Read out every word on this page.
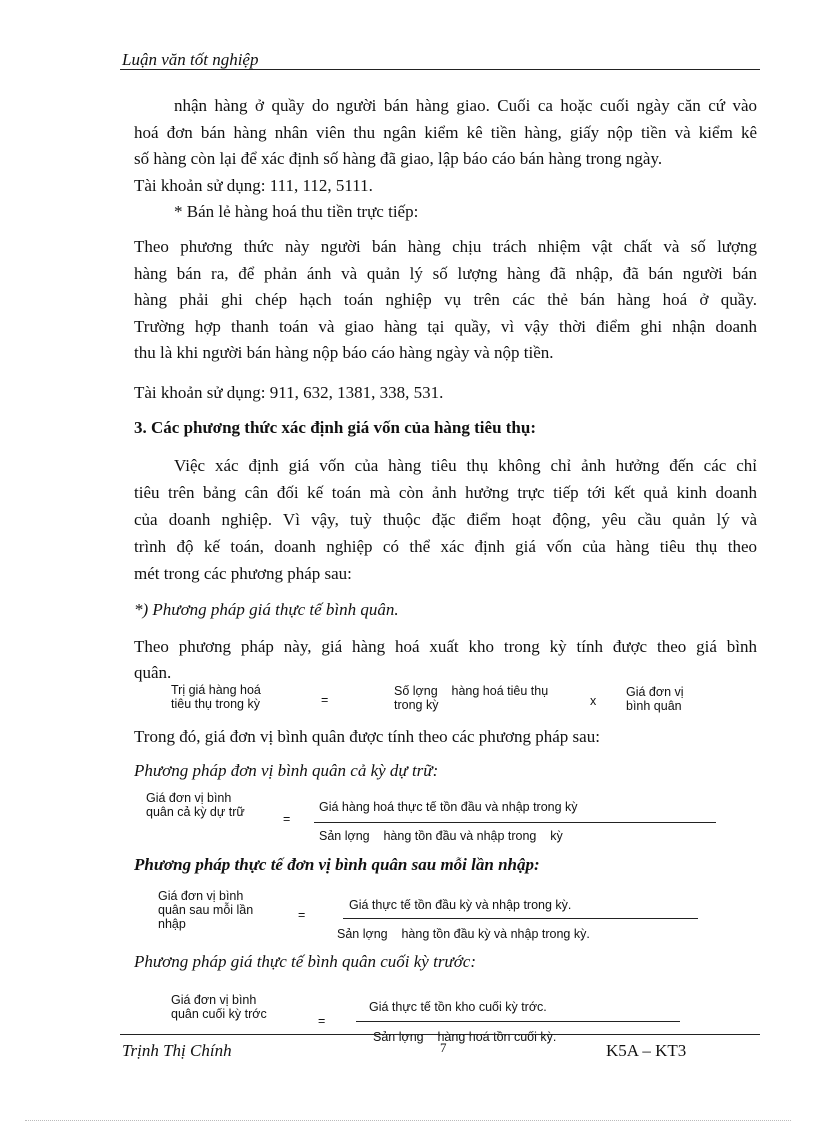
Luận văn tốt nghiệp
nhận hàng ở quầy do người bán hàng giao. Cuối ca hoặc cuối ngày căn cứ vào
hoá đơn bán hàng nhân viên thu ngân kiểm kê tiền hàng, giấy nộp tiền và kiểm kê
số hàng còn lại để xác định số hàng đã giao, lập báo cáo bán hàng trong ngày.
Tài khoản sử dụng: 111, 112, 5111.
* Bán lẻ hàng hoá thu tiền trực tiếp:
Theo phương thức này người bán hàng chịu trách nhiệm vật chất và số lượng
hàng bán ra, để phản ánh và quản lý số lượng hàng đã nhập, đã bán người bán
hàng phải ghi chép hạch toán nghiệp vụ trên các thẻ bán hàng hoá ở quầy.
Trường hợp thanh toán và giao hàng tại quầy, vì vậy thời điểm ghi nhận doanh
thu là khi người bán hàng nộp báo cáo hàng ngày và nộp tiền.
Tài khoản sử dụng: 911, 632, 1381, 338, 531.
3. Các phương thức xác định giá vốn của hàng tiêu thụ:
Việc xác định giá vốn của hàng tiêu thụ không chỉ ảnh hưởng đến các chỉ
tiêu trên bảng cân đối kế toán mà còn ảnh hưởng trực tiếp tới kết quả kinh doanh
của doanh nghiệp. Vì vậy, tuỳ thuộc đặc điểm hoạt động, yêu cầu quản lý và
trình độ kế toán, doanh nghiệp có thể xác định giá vốn của hàng tiêu thụ theo
mét trong các phương pháp sau:
*) Phương pháp giá thực tế bình quân.
Theo phương pháp này, giá hàng hoá xuất kho trong kỳ tính được theo giá bình
quân.
Trị giá hàng hoá
tiêu thụ trong kỳ	=
Số lợng    hàng hoá tiêu thụ
trong kỳ	x
Giá đơn vị
bình quân
Trong đó, giá đơn vị bình quân được tính theo các phương pháp sau:
Phương pháp đơn vị bình quân cả kỳ dự trữ:
Giá đơn vị bình
quân cả kỳ dự trữ	=
Giá hàng hoá thực tế tồn đầu và nhập trong kỳ
Sản lợng    hàng tồn đầu và nhập trong    kỳ
Phương pháp thực tế đơn vị bình quân sau mỗi lần nhập:
Giá đơn vị bình
quân sau mỗi lần
nhập
=
Giá thực tế tồn đầu kỳ và nhập trong kỳ.
Sản lợng    hàng tồn đầu kỳ và nhập trong kỳ.
Phương pháp giá thực tế bình quân cuối kỳ trước:
Giá đơn vị bình
quân cuối kỳ trớc	=
Giá thực tế tồn kho cuối kỳ trớc.
Sản lợng    hàng hoá tồn cuối kỳ.
Trịnh Thị Chính	7	K5A – KT3
